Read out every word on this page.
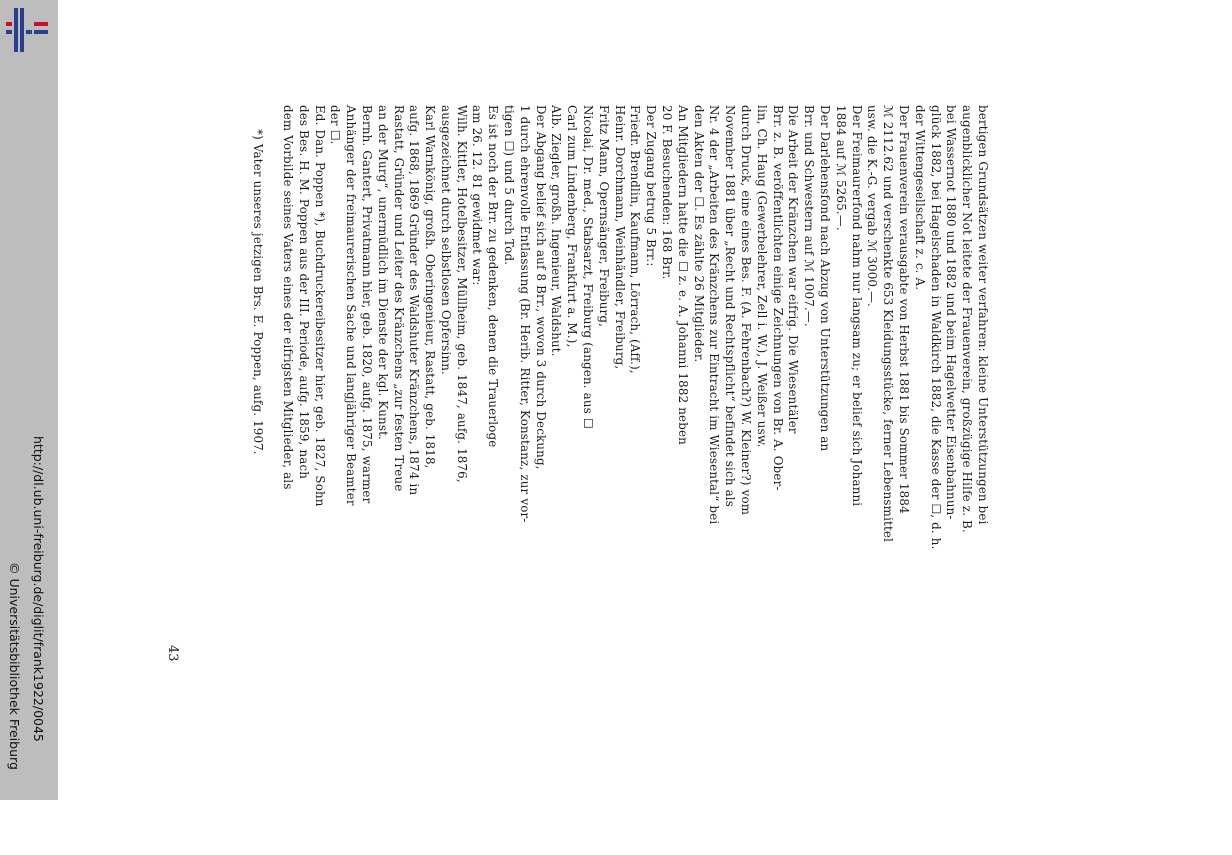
http://dl.ub.uni-freiburg.de/diglit/frank1922/0045
© Universitätsbibliothek Freiburg

bertigen Grundsätzen weiter verfahren: kleine Unterstützungen bei

augenblicklicher Not leitete der Frauenverein, großzügige Hilfe z. B.

bei Wassernot 1880 und 1882 und beim Hagelwetter Eisenbahnun-

glück 1882, bei Hagelschaden in Waldkirch 1882, die Kasse der ☐, d. h.

der Wittengesellschaft z. c. A.

Der Frauenverein verausgabte von Herbst 1881 bis Sommer 1884

ℳ 2112.62 und verschenkte 653 Kleidungsstücke, ferner Lebensmittel

usw. die K.-G. vergab ℳ 3000.—.

Der Freimaurerfond nahm nur langsam zu; er belief sich Johanni

1884 auf ℳ 5265.—.

Der Darlehensfond nach Abzug von Unterstützungen an

Brr. und Schwestern auf ℳ 1007.—.

Die Arbeit der Kränzchen war eifrig. Die Wiesentäler

Brr. z. B. veröffentlichten einige Zeichnungen von Br. A. Ober-

lin, Ch. Haug (Gewerbelehrer, Zell i. W.), J. Weißer usw.

durch Druck, eine eines Bes. F. (A. Fehrenbach?) W. Kleiner?) vom

November 1881 über „Recht und Rechtspflicht“ befindet sich als

Nr. 4 der „Arbeiten des Kränzchens zur Eintracht im Wiesental“ bei

den Akten der ☐. Es zählte 26 Mitglieder.

An Mitgliedern hatte die ☐ z. e. A. Johanni 1882 neben

20 F. Besuchenden: 168 Brr.

Der Zugang betrug 5 Brr.:

Friedr. Brendlin, Kaufmann, Lörrach, (Aff.),

Heinr. Dorchmann, Weinhändler, Freiburg,

Fritz Mann, Opernsänger, Freiburg,

Nicolai, Dr. med., Stabsarzt, Freiburg (angen. aus ☐

Carl zum Lindenberg, Frankfurt a. M.),

Alb. Ziegler, großh. Ingenieur, Waldshut.

Der Abgang belief sich auf 8 Brr., wovon 3 durch Deckung,

1 durch ehrenvolle Entlassung (Br. Herib. Ritter, Konstanz, zur vor-

tigen ☐) und 5 durch Tod.

Es ist noch der Brr. zu gedenken, denen die Trauerloge

am 26. 12. 81 gewidmet war:

Wilh. Kittler, Hotelbesitzer, Müllheim, geb. 1847, aufg. 1876,

ausgezeichnet durch selbstlosen Opfersinn.

Karl Warnkönig, großh. Oberingenieur, Rastatt, geb. 1818,

aufg. 1868, 1869 Gründer des Waldshuter Kränzchens, 1874 in

Rastatt, Gründer und Leiter des Kränzchens „zur festen Treue

an der Murg“, unermüdlich im Dienste der kgl. Kunst.

Bernh. Gantert, Privatmann hier, geb. 1820, aufg. 1875, warmer

Anhänger der freimaurerischen Sache und langjähriger Beamter

der ☐.

Ed. Dan. Poppen *), Buchdruckereibesitzer hier, geb. 1827, Sohn

des Bes. H. M. Poppen aus der III. Periode, aufg. 1859, nach

dem Vorbilde seines Vaters eines der eifrigsten Mitglieder, als

*) Vater unseres jetzigen Brs. E. Poppen, aufg. 1907.

43
